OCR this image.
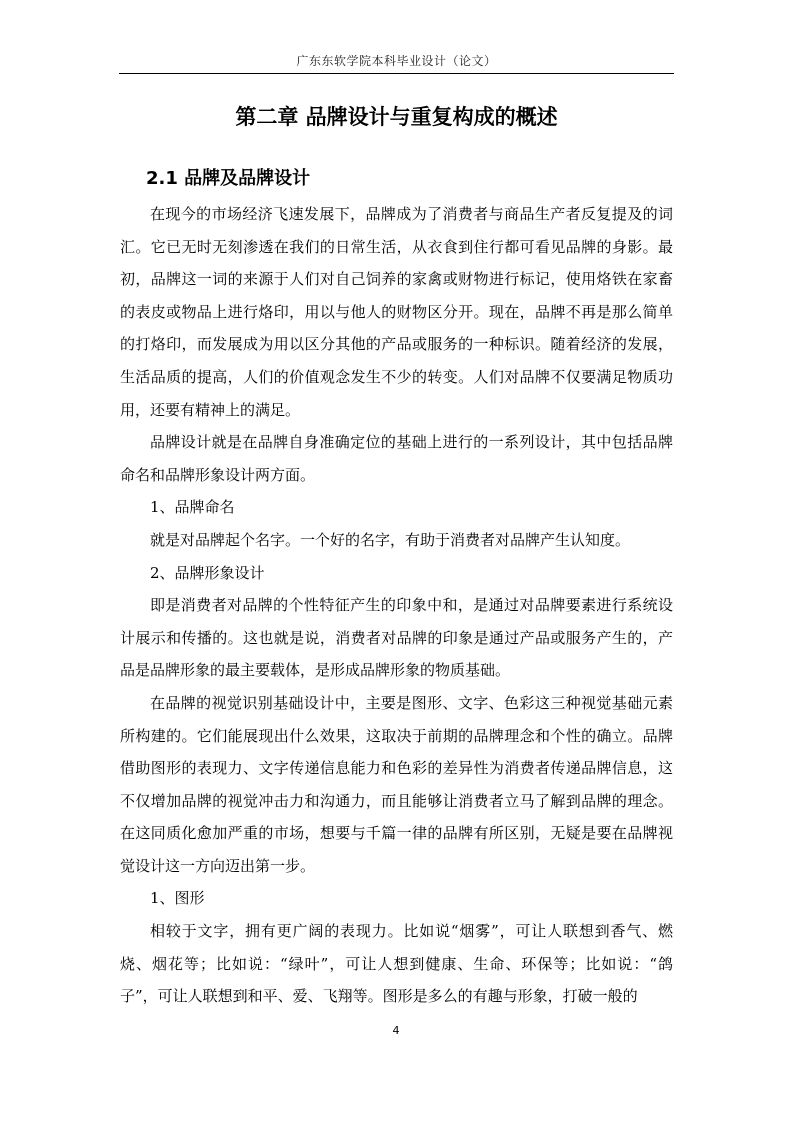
广东东软学院本科毕业设计（论文）
第二章 品牌设计与重复构成的概述
2.1 品牌及品牌设计

在现今的市场经济飞速发展下，品牌成为了消费者与商品生产者反复提及的词汇。它已无时无刻渗透在我们的日常生活，从衣食到住行都可看见品牌的身影。最初，品牌这一词的来源于人们对自己饲养的家禽或财物进行标记，使用烙铁在家畜的表皮或物品上进行烙印，用以与他人的财物区分开。现在，品牌不再是那么简单的打烙印，而发展成为用以区分其他的产品或服务的一种标识。随着经济的发展，生活品质的提高，人们的价值观念发生不少的转变。人们对品牌不仅要满足物质功用，还要有精神上的满足。

品牌设计就是在品牌自身准确定位的基础上进行的一系列设计，其中包括品牌命名和品牌形象设计两方面。

1、品牌命名

就是对品牌起个名字。一个好的名字，有助于消费者对品牌产生认知度。

2、品牌形象设计

即是消费者对品牌的个性特征产生的印象中和，是通过对品牌要素进行系统设计展示和传播的。这也就是说，消费者对品牌的印象是通过产品或服务产生的，产品是品牌形象的最主要载体，是形成品牌形象的物质基础。

在品牌的视觉识别基础设计中，主要是图形、文字、色彩这三种视觉基础元素所构建的。它们能展现出什么效果，这取决于前期的品牌理念和个性的确立。品牌借助图形的表现力、文字传递信息能力和色彩的差异性为消费者传递品牌信息，这不仅增加品牌的视觉冲击力和沟通力，而且能够让消费者立马了解到品牌的理念。在这同质化愈加严重的市场，想要与千篇一律的品牌有所区别，无疑是要在品牌视觉设计这一方向迈出第一步。

1、图形

相较于文字，拥有更广阔的表现力。比如说“烟雾”，可让人联想到香气、燃烧、烟花等；比如说：“绿叶”，可让人想到健康、生命、环保等；比如说：“鸽子”，可让人联想到和平、爱、飞翔等。图形是多么的有趣与形象，打破一般的

4
